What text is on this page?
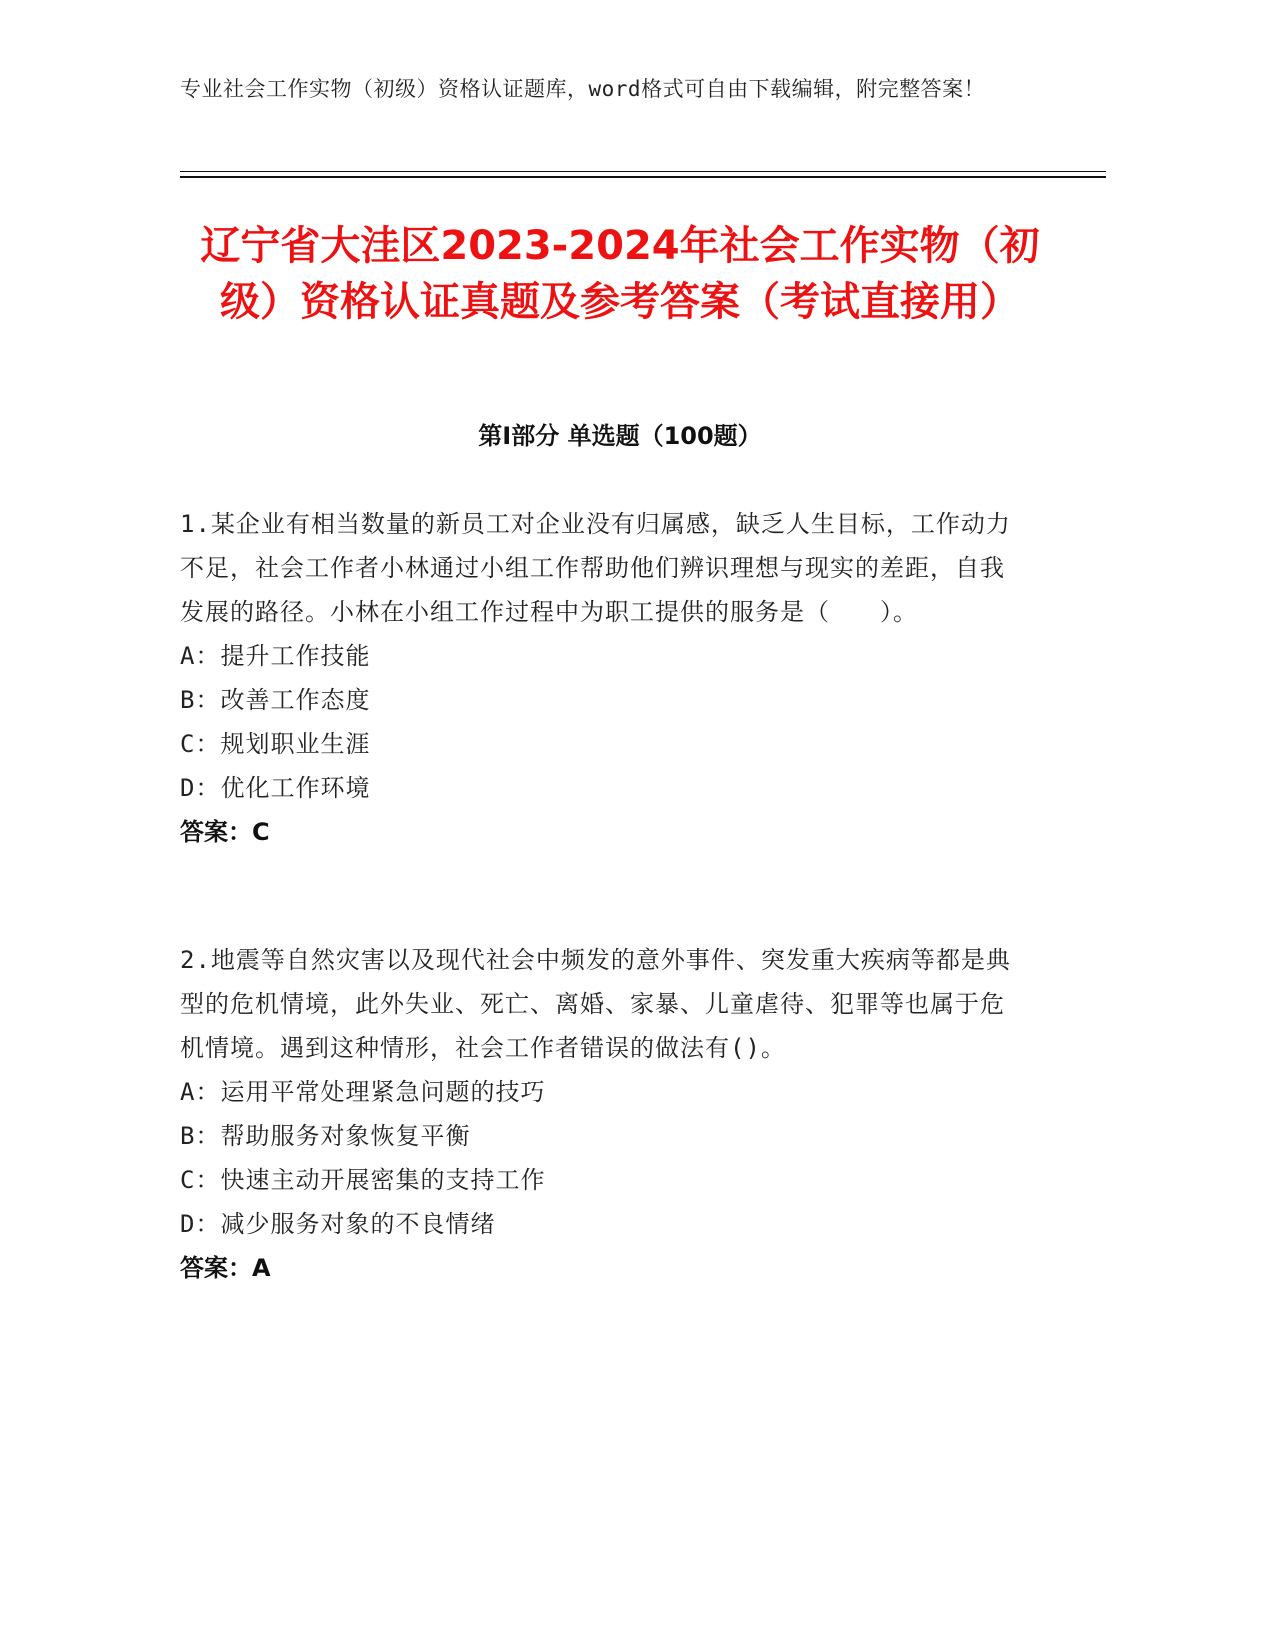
专业社会工作实物（初级）资格认证题库，word格式可自由下载编辑，附完整答案！
辽宁省大洼区2023-2024年社会工作实物（初级）资格认证真题及参考答案（考试直接用）
第Ⅰ部分 单选题（100题）

1.某企业有相当数量的新员工对企业没有归属感，缺乏人生目标，工作动力不足，社会工作者小林通过小组工作帮助他们辨识理想与现实的差距，自我发展的路径。小林在小组工作过程中为职工提供的服务是（　　）。

A：提升工作技能

B：改善工作态度

C：规划职业生涯

D：优化工作环境

答案：C

2.地震等自然灾害以及现代社会中频发的意外事件、突发重大疾病等都是典型的危机情境，此外失业、死亡、离婚、家暴、儿童虐待、犯罪等也属于危机情境。遇到这种情形，社会工作者错误的做法有()。

A：运用平常处理紧急问题的技巧

B：帮助服务对象恢复平衡

C：快速主动开展密集的支持工作

D：减少服务对象的不良情绪

答案：A
